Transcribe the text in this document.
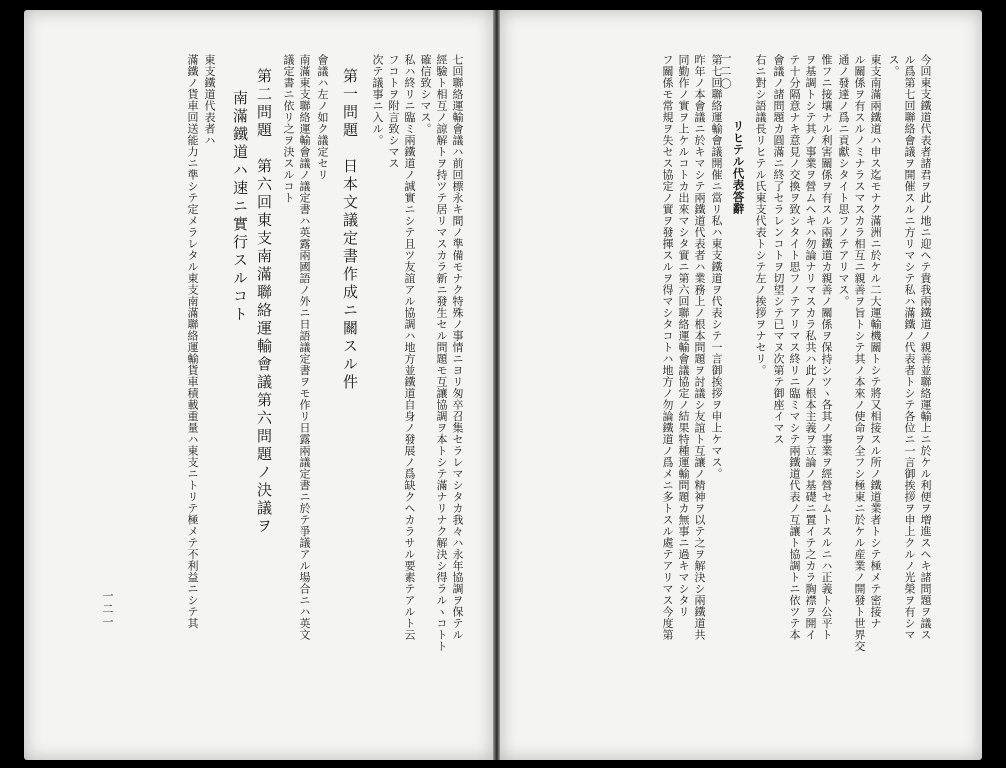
七回聯絡運輸會議ハ前回標永キ間ノ準備モナク特殊ノ事情ニヨリ匆卒召集セラレマシタカ我々ハ永年協調ヲ保テル
經驗ト相互ノ諒解トヲ持ツテ居リマスカラ新ニ發生セル問題モ互讓協調ヲ本トシテ滿ナリナク解決シ得ラルヽコトト
確信致シマス。
私ハ終リニ臨ミ兩鐵道ノ誠實ニシテ且ツ友誼アル協調ハ地方並鐵道自身ノ發展ノ爲缺クヘカラサル要素テアルト云
フコトヲ附言致シマス
次テ議事ニ入ル。
第一問題　日本文議定書作成ニ關スル件
會議ハ左ノ如ク議定セリ
南滿東支聯絡運輸會議ノ議定書ハ英露兩國語ノ外ニ日語議定書ヲモ作リ日露兩議定書ニ於テ爭議アル場合ニハ英文
議定書ニ依リ之ヲ決スルコト
第二問題　第六回東支南滿聯絡運輸會議第六問題ノ決議ヲ
南滿鐵道ハ速ニ實行スルコト
東支鐵道代表者ハ
滿鐵ノ貨車回送能力ニ準シテ定メラレタル東支南滿聯絡運輸貨車積載重量ハ東支ニトリテ極メテ不利益ニシテ其
一二一	今回東支鐵道代表者諸君ヲ此ノ地ニ迎ヘテ貴我兩鐵道ノ親善並聯絡運輸上ニ於ケル利便ヲ増進スヘキ諸問題ヲ議ス
ル爲第七回聯絡會議ヲ開催スルニ方リマシテ私ハ滿鐵ノ代表者トシテ各位ニ一言御挨拶ヲ申上クルノ光榮ヲ有シマ
ス。
東支南滿兩鐵道ハ申ス迄モナク滿洲ニ於ケル二大運輸機關トシテ將又相接スル所ノ鐵道業者トシテ極メテ密接ナ
ル關係ヲ有スルノミナラスマスカラ相互ニ親善ヲ旨トシテ其ノ本來ノ使命ヲ全フシ極東ニ於ケル産業ノ開發ト世界交
通ノ發達ノ爲ニ貢獻シタイト思フノテアリマス。
惟フニ接壤ナル利害關係ヲ有スル兩鐵道カ親善ノ關係ヲ保持シツヽ各其ノ事業ヲ經營セムトスルニハ正義ト公平ト
ヲ基調トシテ其ノ事業ヲ營ムヘキハ勿論ナリマスカラ私共ハ此ノ根本主義ヲ立論ノ基礎ニ置イテ之カラ胸襟ヲ開イ
テ十分隔意ナキ意見ノ交換ヲ致シタイト思フノテアリマス終リニ臨ミマシテ兩鐵道代表ノ互讓ト協調トニ依ツテ本
會議ノ諸問題カ圓滿ニ終了セラレンコトヲ切望シテ已マヌ次第テ御座イマス
右ニ對シ語議長リヒテル氏東支代表トシテ左ノ挨拶ヲナセリ。
リヒテル代表答辭
第七回聯絡運輸會議開催ニ當リ私ハ東支鐵道ヲ代表シテ一言御挨拶ヲ申上ケマス。
昨年ノ本會議ニ於キマシテ兩鐵道代表者ハ業務上ノ根本問題ヲ討議シ友誼ト互讓ノ精神ヲ以テ之ヲ解決シ兩鐵道共
同勤作ノ實ヲ上ケルコトカ出來マシタ實ニ第六回聯絡運輸會議協定ノ結果特種運輸問題カ無事ニ過キマシタリ
フ關係モ常規ヲ失セス協定ノ實ヲ發揮スルヲ得マシタコトハ地方ノ勿論鐵道ノ爲メニ多トスル處テアリマス今度第	一二〇
